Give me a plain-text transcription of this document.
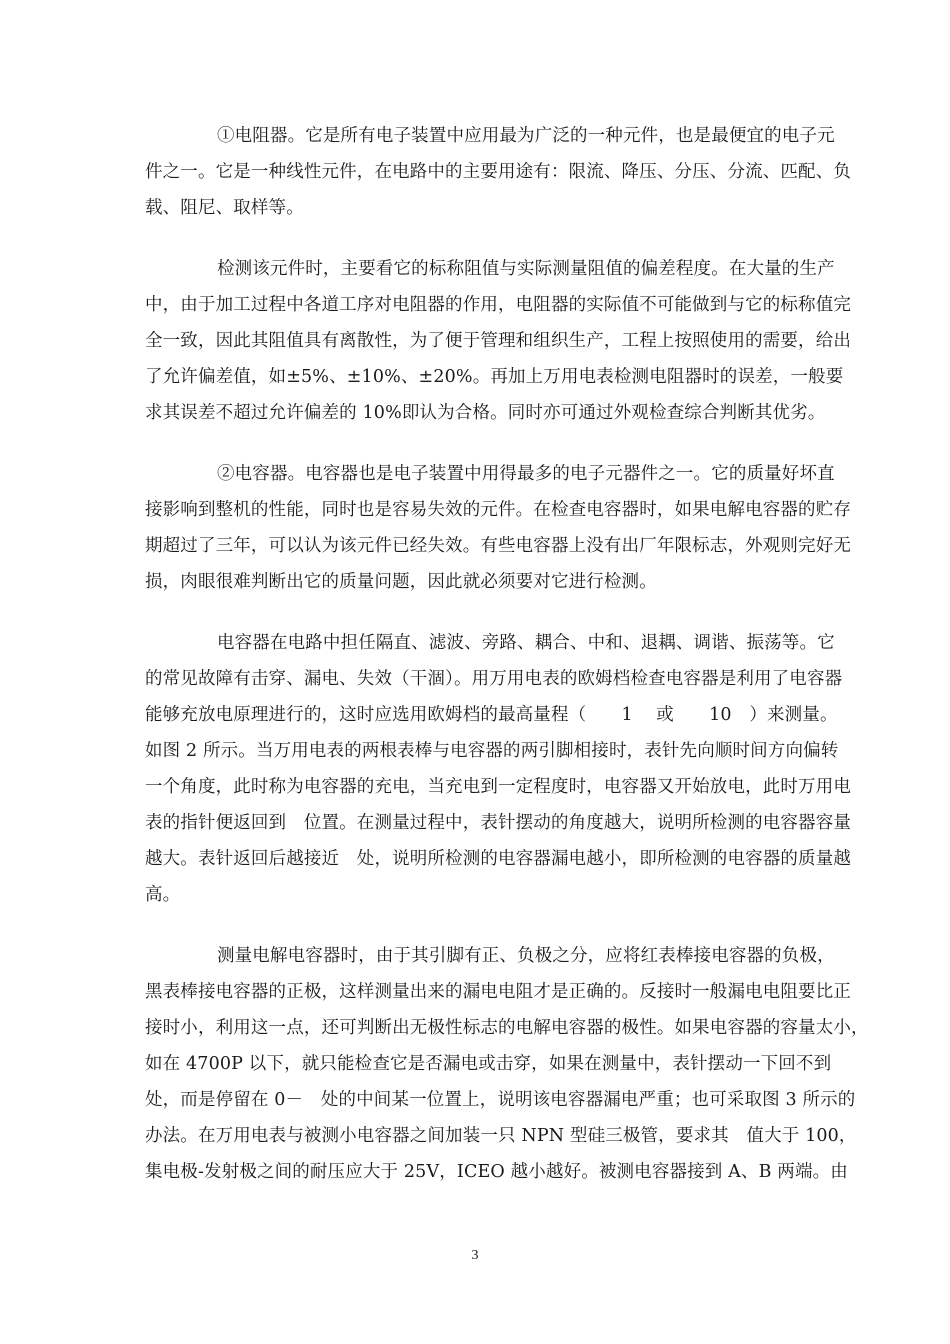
①电阻器。它是所有电子装置中应用最为广泛的一种元件，也是最便宜的电子元
件之一。它是一种线性元件，在电路中的主要用途有：限流、降压、分压、分流、匹配、负
载、阻尼、取样等。
检测该元件时，主要看它的标称阻值与实际测量阻值的偏差程度。在大量的生产
中，由于加工过程中各道工序对电阻器的作用，电阻器的实际值不可能做到与它的标称值完
全一致，因此其阻值具有离散性，为了便于管理和组织生产，工程上按照使用的需要，给出
了允许偏差值，如±5%、±10%、±20%。再加上万用电表检测电阻器时的误差，一般要
求其误差不超过允许偏差的 10%即认为合格。同时亦可通过外观检查综合判断其优劣。
②电容器。电容器也是电子装置中用得最多的电子元器件之一。它的质量好坏直
接影响到整机的性能，同时也是容易失效的元件。在检查电容器时，如果电解电容器的贮存
期超过了三年，可以认为该元件已经失效。有些电容器上没有出厂年限标志，外观则完好无
损，肉眼很难判断出它的质量问题，因此就必须要对它进行检测。
电容器在电路中担任隔直、滤波、旁路、耦合、中和、退耦、调谐、振荡等。它
的常见故障有击穿、漏电、失效（干涸）。用万用电表的欧姆档检查电容器是利用了电容器
能够充放电原理进行的，这时应选用欧姆档的最高量程（　　1　 或　　10　）来测量。
如图 2 所示。当万用电表的两根表棒与电容器的两引脚相接时，表针先向顺时间方向偏转
一个角度，此时称为电容器的充电，当充电到一定程度时，电容器又开始放电，此时万用电
表的指针便返回到　位置。在测量过程中，表针摆动的角度越大，说明所检测的电容器容量
越大。表针返回后越接近　处，说明所检测的电容器漏电越小，即所检测的电容器的质量越
高。
测量电解电容器时，由于其引脚有正、负极之分，应将红表棒接电容器的负极，
黑表棒接电容器的正极，这样测量出来的漏电电阻才是正确的。反接时一般漏电电阻要比正
接时小，利用这一点，还可判断出无极性标志的电解电容器的极性。如果电容器的容量太小，
如在 4700P 以下，就只能检查它是否漏电或击穿，如果在测量中，表针摆动一下回不到
处，而是停留在 0－　处的中间某一位置上，说明该电容器漏电严重；也可采取图 3 所示的
办法。在万用电表与被测小电容器之间加装一只 NPN 型硅三极管，要求其　值大于 100，
集电极-发射极之间的耐压应大于 25V，ICEO 越小越好。被测电容器接到 A、B 两端。由
3
